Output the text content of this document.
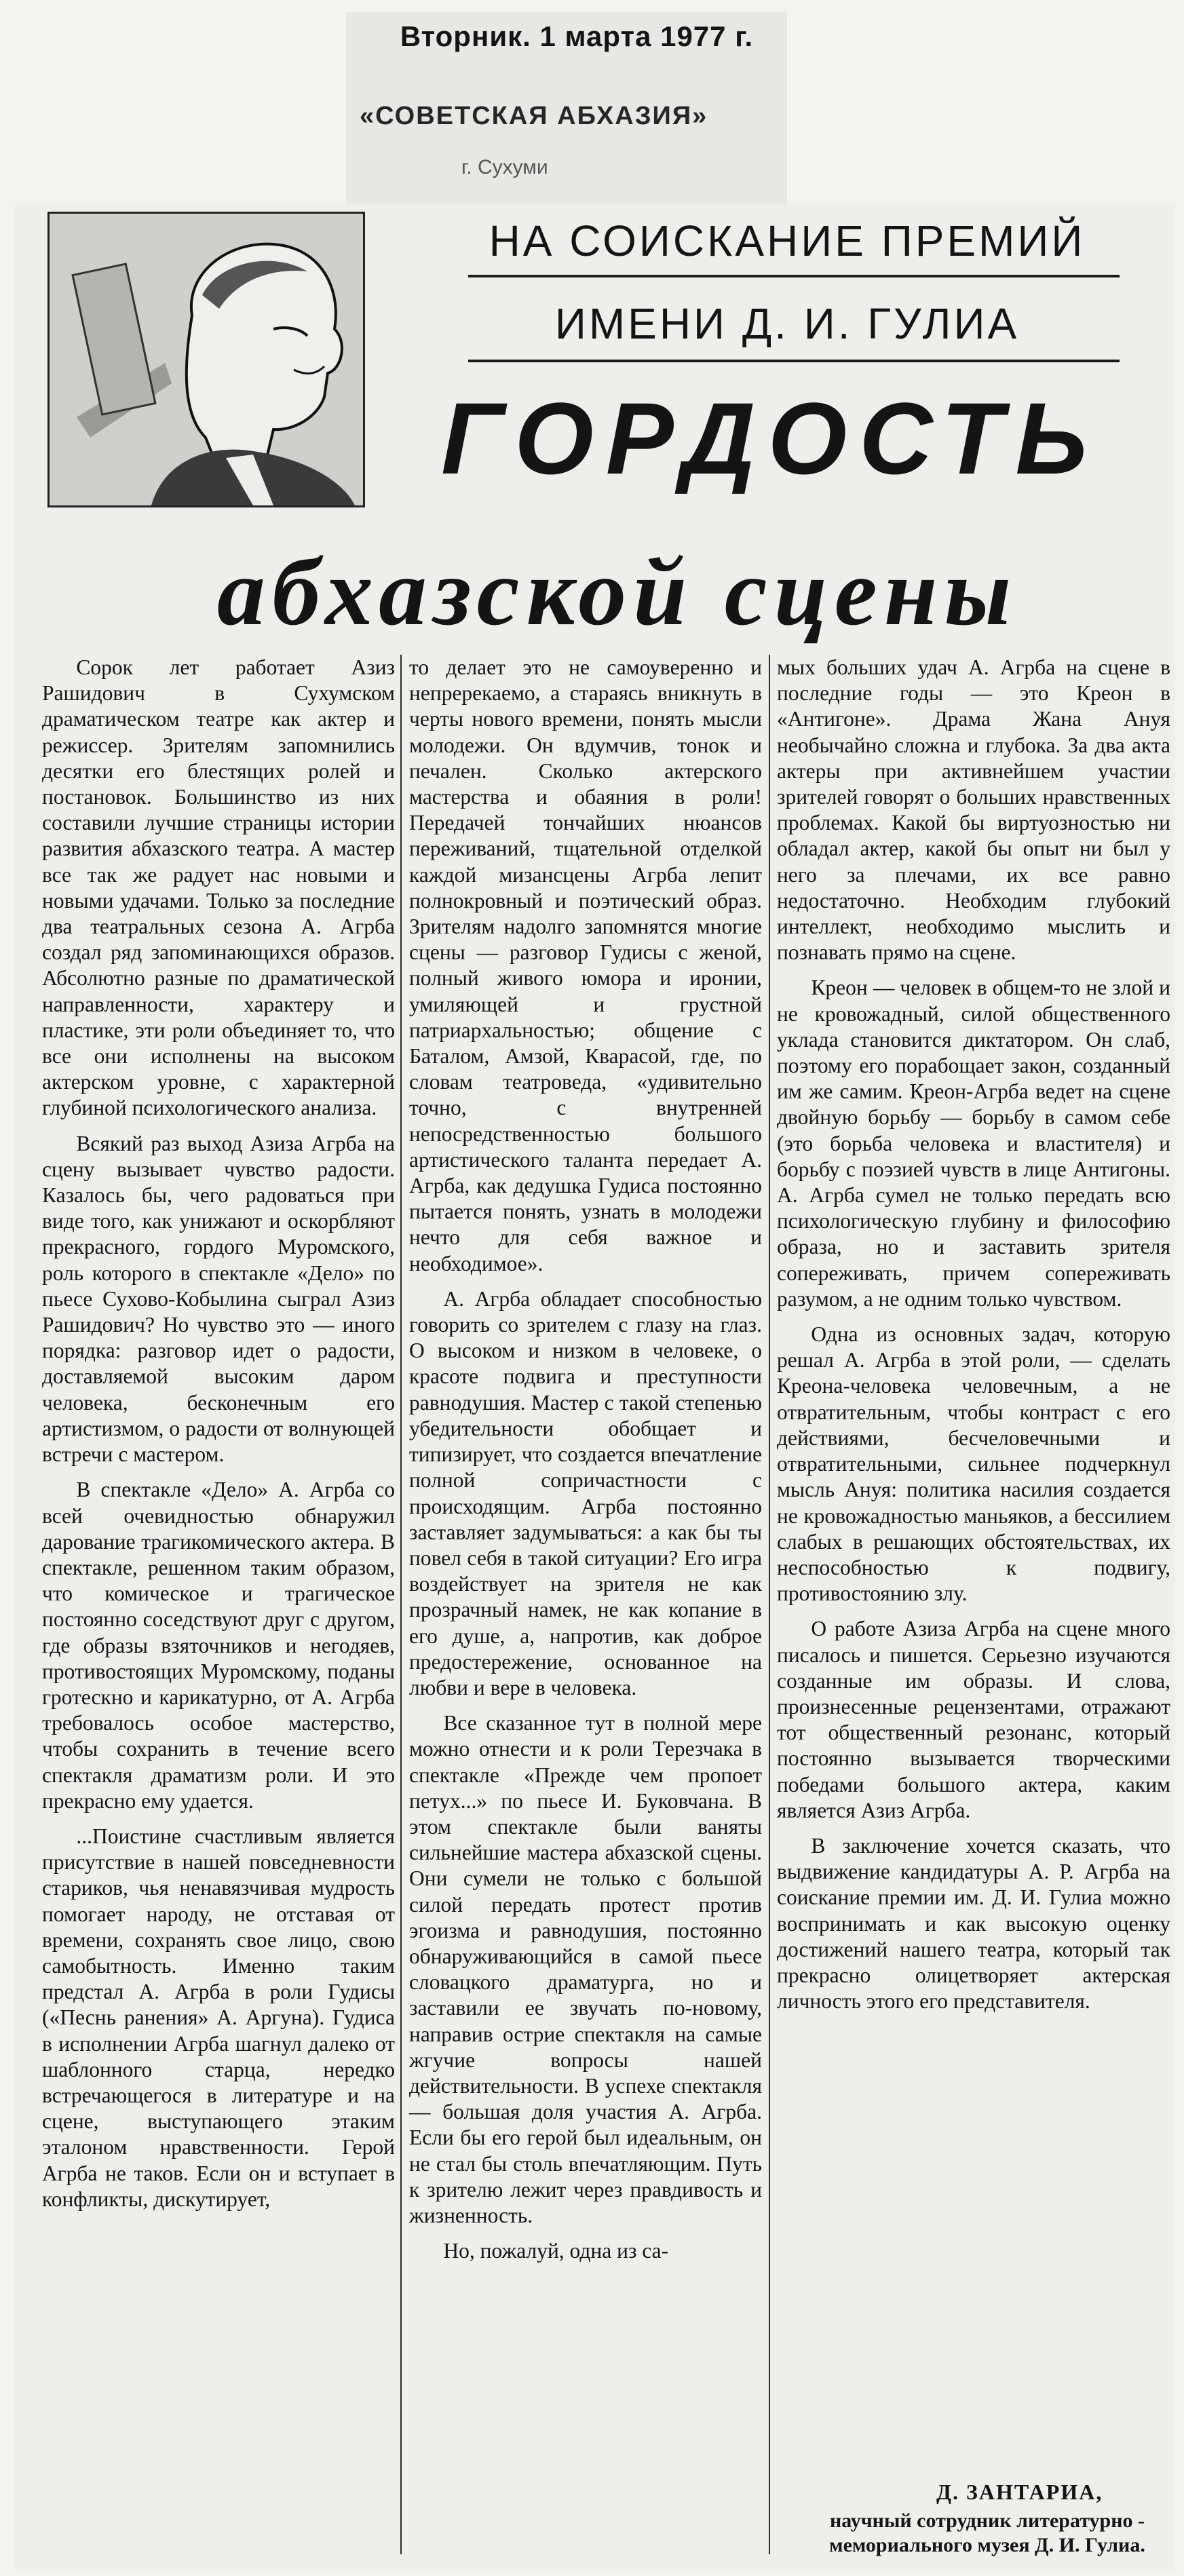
Вторник. 1 марта 1977 г.
«СОВЕТСКАЯ АБХАЗИЯ»
г. Сухуми
НА СОИСКАНИЕ ПРЕМИЙ
ИМЕНИ Д. И. ГУЛИА
ГОРДОСТЬ
абхазской сцены

Сорок лет работает Азиз Рашидович в Сухумском драматическом театре как актер и режиссер. Зрителям запомнились десятки его блестящих ролей и постановок. Большинство из них составили лучшие страницы истории развития абхазского театра. А мастер все так же радует нас новыми и новыми удачами. Только за последние два театральных сезона А. Агрба создал ряд запоминающихся образов. Абсолютно разные по драматической направленности, характеру и пластике, эти роли объединяет то, что все они исполнены на высоком актерском уровне, с характерной глубиной психологического анализа.

Всякий раз выход Азиза Агрба на сцену вызывает чувство радости. Казалось бы, чего радоваться при виде того, как унижают и оскорбляют прекрасного, гордого Муромского, роль которого в спектакле «Дело» по пьесе Сухово-Кобылина сыграл Азиз Рашидович? Но чувство это — иного порядка: разговор идет о радости, доставляемой высоким даром человека, бесконечным его артистизмом, о радости от волнующей встречи с мастером.

В спектакле «Дело» А. Агрба со всей очевидностью обнаружил дарование трагикомического актера. В спектакле, решенном таким образом, что комическое и трагическое постоянно соседствуют друг с другом, где образы взяточников и негодяев, противостоящих Муромскому, поданы гротескно и карикатурно, от А. Агрба требовалось особое мастерство, чтобы сохранить в течение всего спектакля драматизм роли. И это прекрасно ему удается.

...Поистине счастливым является присутствие в нашей повседневности стариков, чья ненавязчивая мудрость помогает народу, не отставая от времени, сохранять свое лицо, свою самобытность. Именно таким предстал А. Агрба в роли Гудисы («Песнь ранения» А. Аргуна). Гудиса в исполнении Агрба шагнул далеко от шаблонного старца, нередко встречающегося в литературе и на сцене, выступающего этаким эталоном нравственности. Герой Агрба не таков. Если он и вступает в конфликты, дискутирует,

то делает это не самоуверенно и непререкаемо, а стараясь вникнуть в черты нового времени, понять мысли молодежи. Он вдумчив, тонок и печален. Сколько актерского мастерства и обаяния в роли! Передачей тончайших нюансов переживаний, тщательной отделкой каждой мизансцены Агрба лепит полнокровный и поэтический образ. Зрителям надолго запомнятся многие сцены — разговор Гудисы с женой, полный живого юмора и иронии, умиляющей и грустной патриархальностью; общение с Баталом, Амзой, Кварасой, где, по словам театроведа, «удивительно точно, с внутренней непосредственностью большого артистического таланта передает А. Агрба, как дедушка Гудиса постоянно пытается понять, узнать в молодежи нечто для себя важное и необходимое».

А. Агрба обладает способностью говорить со зрителем с глазу на глаз. О высоком и низком в человеке, о красоте подвига и преступности равнодушия. Мастер с такой степенью убедительности обобщает и типизирует, что создается впечатление полной сопричастности с происходящим. Агрба постоянно заставляет задумываться: а как бы ты повел себя в такой ситуации? Его игра воздействует на зрителя не как прозрачный намек, не как копание в его душе, а, напротив, как доброе предостережение, основанное на любви и вере в человека.

Все сказанное тут в полной мере можно отнести и к роли Терезчака в спектакле «Прежде чем пропоет петух...» по пьесе И. Буковчана. В этом спектакле были ваняты сильнейшие мастера абхазской сцены. Они сумели не только с большой силой передать протест против эгоизма и равнодушия, постоянно обнаруживающийся в самой пьесе словацкого драматурга, но и заставили ее звучать по-новому, направив острие спектакля на самые жгучие вопросы нашей действительности. В успехе спектакля — большая доля участия А. Агрба. Если бы его герой был идеальным, он не стал бы столь впечатляющим. Путь к зрителю лежит через правдивость и жизненность.

Но, пожалуй, одна из са-

мых больших удач А. Агрба на сцене в последние годы — это Креон в «Антигоне». Драма Жана Ануя необычайно сложна и глубока. За два акта актеры при активнейшем участии зрителей говорят о больших нравственных проблемах. Какой бы виртуозностью ни обладал актер, какой бы опыт ни был у него за плечами, их все равно недостаточно. Необходим глубокий интеллект, необходимо мыслить и познавать прямо на сцене.

Креон — человек в общем-то не злой и не кровожадный, силой общественного уклада становится диктатором. Он слаб, поэтому его порабощает закон, созданный им же самим. Креон-Агрба ведет на сцене двойную борьбу — борьбу в самом себе (это борьба человека и властителя) и борьбу с поэзией чувств в лице Антигоны. А. Агрба сумел не только передать всю психологическую глубину и философию образа, но и заставить зрителя сопереживать, причем сопереживать разумом, а не одним только чувством.

Одна из основных задач, которую решал А. Агрба в этой роли, — сделать Креона-человека человечным, а не отвратительным, чтобы контраст с его действиями, бесчеловечными и отвратительными, сильнее подчеркнул мысль Ануя: политика насилия создается не кровожадностью маньяков, а бессилием слабых в решающих обстоятельствах, их неспособностью к подвигу, противостоянию злу.

О работе Азиза Агрба на сцене много писалось и пишется. Серьезно изучаются созданные им образы. И слова, произнесенные рецензентами, отражают тот общественный резонанс, который постоянно вызывается творческими победами большого актера, каким является Азиз Агрба.

В заключение хочется сказать, что выдвижение кандидатуры А. Р. Агрба на соискание премии им. Д. И. Гулиа можно воспринимать и как высокую оценку достижений нашего театра, который так прекрасно олицетворяет актерская личность этого его представителя.

Д. ЗАНТАРИА,
научный сотрудник литературно - мемориального музея Д. И. Гулиа.
